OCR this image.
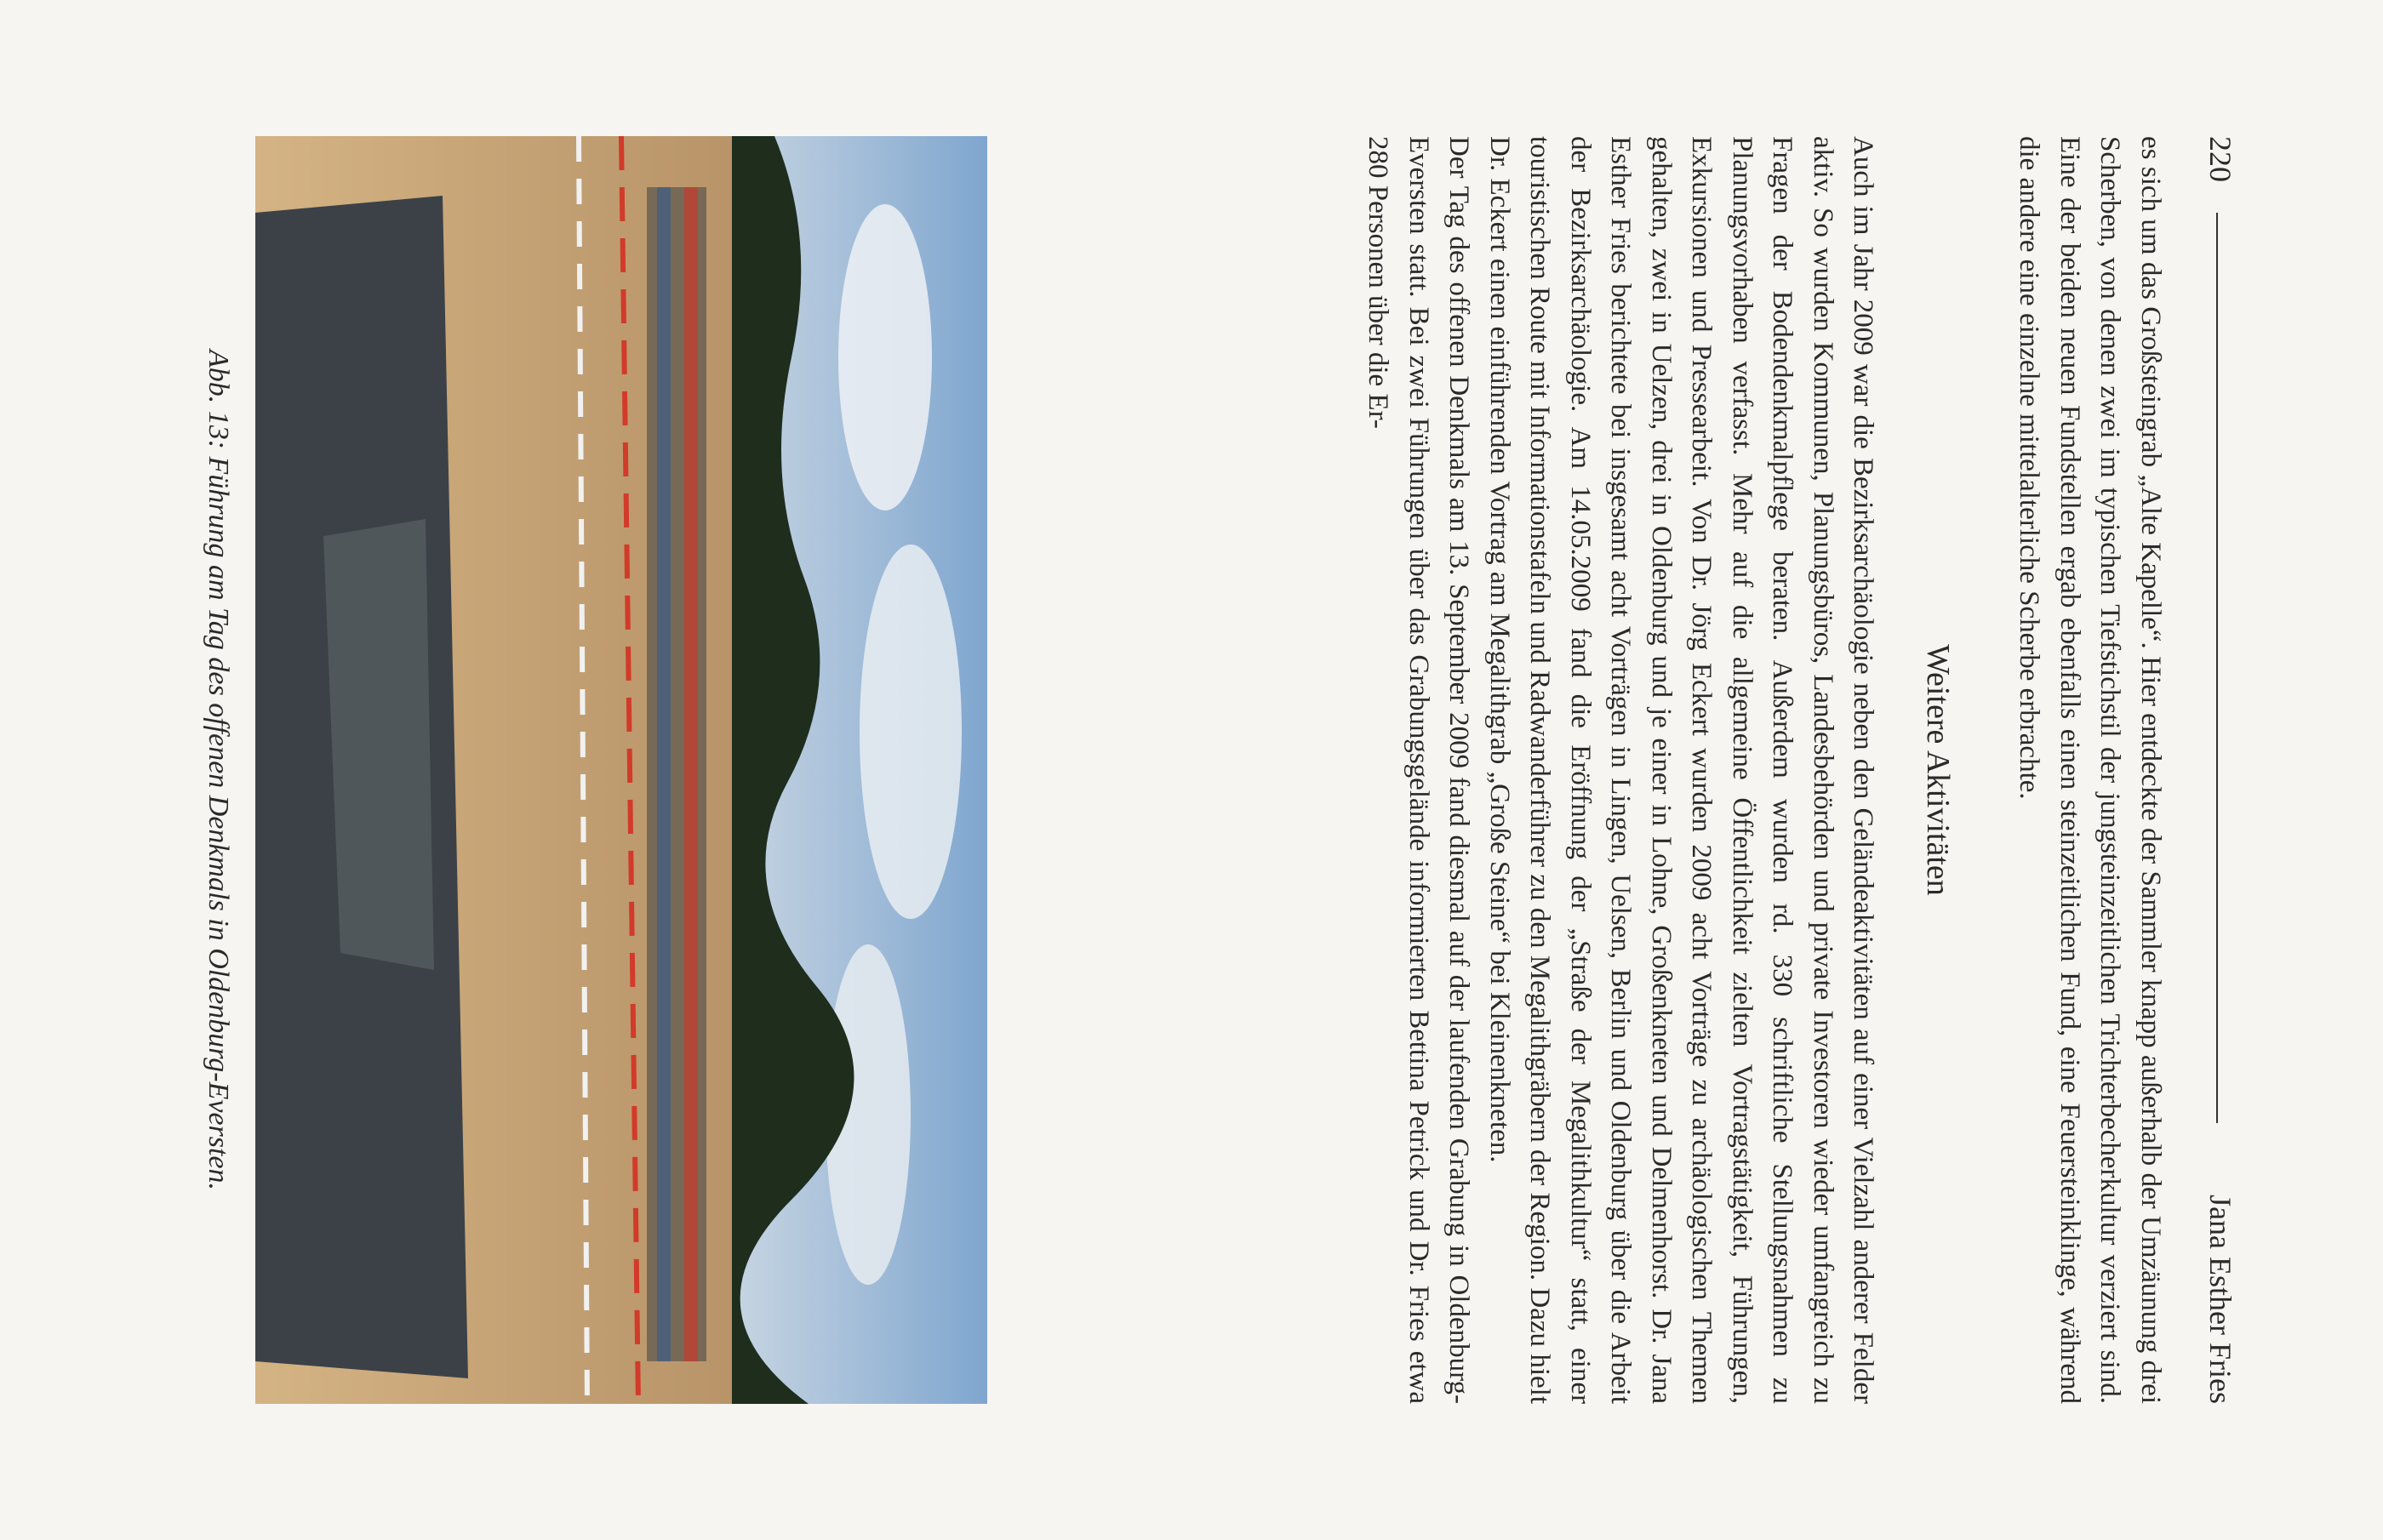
220
Jana Esther Fries

es sich um das Großsteingrab „Alte Kapelle“. Hier entdeckte der Sammler knapp außerhalb der Umzäunung drei Scherben, von denen zwei im typischen Tiefstichstil der jungsteinzeitlichen Trichterbecherkultur verziert sind. Eine der beiden neuen Fundstellen ergab ebenfalls einen steinzeitlichen Fund, eine Feuersteinklinge, während die andere eine einzelne mittelalterliche Scherbe erbrachte.

Weitere Aktivitäten

Auch im Jahr 2009 war die Bezirksarchäologie neben den Geländeaktivitäten auf einer Vielzahl anderer Felder aktiv. So wurden Kommunen, Planungsbüros, Landesbehörden und private Investoren wieder umfangreich zu Fragen der Bodendenkmalpflege beraten. Außerdem wurden rd. 330 schriftliche Stellungsnahmen zu Planungsvorhaben verfasst. Mehr auf die allgemeine Öffentlichkeit zielten Vortragstätigkeit, Führungen, Exkursionen und Pressearbeit. Von Dr. Jörg Eckert wurden 2009 acht Vorträge zu archäologischen Themen gehalten, zwei in Uelzen, drei in Oldenburg und je einer in Lohne, Großenkneten und Delmenhorst. Dr. Jana Esther Fries berichtete bei insgesamt acht Vorträgen in Lingen, Uelsen, Berlin und Oldenburg über die Arbeit der Bezirksarchäologie. Am 14.05.2009 fand die Eröffnung der „Straße der Megalithkultur“ statt, einer touristischen Route mit Informationstafeln und Radwanderführer zu den Megalithgräbern der Region. Dazu hielt Dr. Eckert einen einführenden Vortrag am Megalithgrab „Große Steine“ bei Kleinenkneten.

Der Tag des offenen Denkmals am 13. September 2009 fand diesmal auf der laufenden Grabung in Oldenburg-Eversten statt. Bei zwei Führungen über das Grabungsgelände informierten Bettina Petrick und Dr. Fries etwa 280 Personen über die Er-

Abb. 13: Führung am Tag des offenen Denkmals in Oldenburg-Eversten.
